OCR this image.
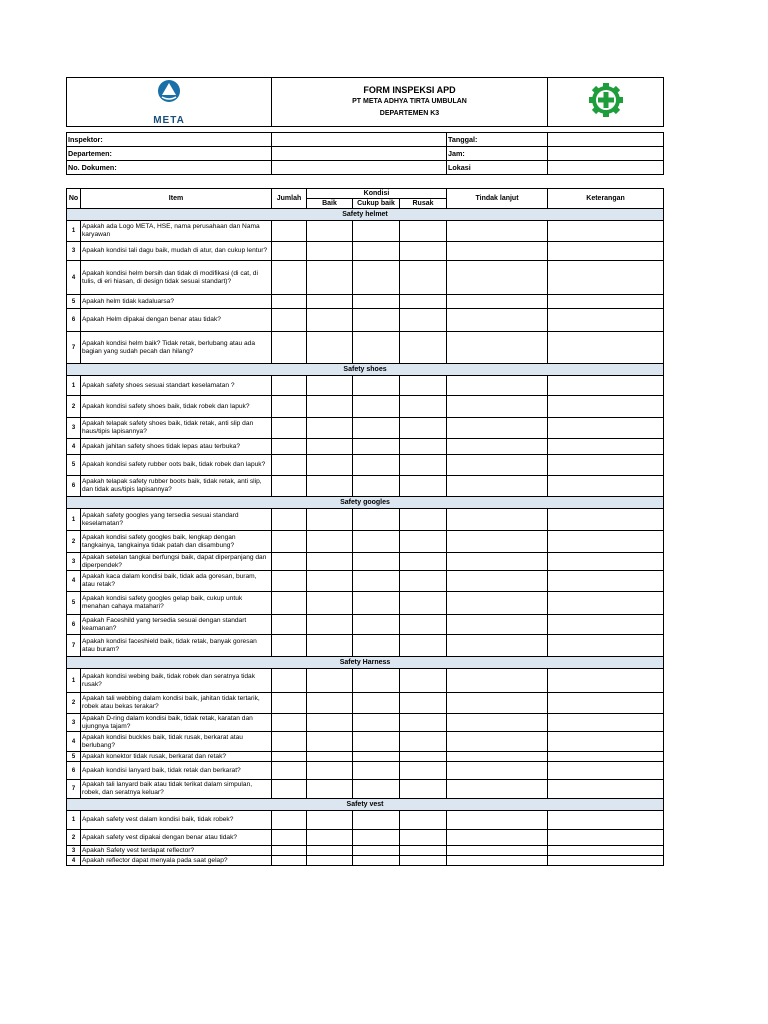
META

FORM INSPEKSI APD
PT META ADHYA TIRTA UMBULAN
DEPARTEMEN K3

Inspektor:		Tanggal:	
Departemen:		Jam:	
No. Dokumen:		Lokasi	
No	Item	Jumlah	Kondisi			Tindak lanjut	Keterangan
			Baik	Cukup baik	Rusak		
Safety helmet							
1	Apakah ada Logo META, HSE, nama perusahaan dan Nama karyawan						
3	Apakah kondisi tali dagu baik, mudah di atur, dan cukup lentur?						
4	Apakah kondisi helm bersih dan tidak di modifikasi (di cat, di tulis, di eri hiasan, di design tidak sesuai standart)?						
5	Apakah helm tidak kadaluarsa?						
6	Apakah Helm dipakai dengan benar atau tidak?						
7	Apakah kondisi helm baik? Tidak retak, berlubang atau ada bagian yang sudah pecah dan hilang?						
Safety shoes							
1	Apakah safety shoes sesuai standart keselamatan ?						
2	Apakah kondisi safety shoes baik, tidak robek dan lapuk?						
3	Apakah telapak safety shoes baik, tidak retak, anti slip dan haus/tipis lapisannya?						
4	Apakah jahitan safety shoes tidak lepas atau terbuka?						
5	Apakah kondisi safety rubber oots baik, tidak robek dan lapuk?						
6	Apakah telapak safety rubber boots baik, tidak retak, anti slip, dan tidak aus/tipis lapisannya?						
Safety googles							
1	Apakah safety googles yang tersedia sesuai standard keselamatan?						
2	Apakah kondisi safety googles baik, lengkap dengan tangkainya, tangkainya tidak patah dan disambung?						
3	Apakah setelan tangkai berfungsi baik, dapat diperpanjang dan diperpendek?						
4	Apakah kaca dalam kondisi baik, tidak ada goresan, buram, atau retak?						
5	Apakah kondisi safety googles gelap baik, cukup untuk menahan cahaya matahari?						
6	Apakah Faceshild yang tersedia sesuai dengan standart keamanan?						
7	Apakah kondisi faceshield baik, tidak retak, banyak goresan atau buram?						
Safety Harness							
1	Apakah kondisi webing baik, tidak robek dan seratnya tidak rusak?						
2	Apakah tali webbing dalam kondisi baik, jahitan tidak tertarik, robek atau bekas terakar?						
3	Apakah D-ring dalam kondisi baik, tidak retak, karatan dan ujungnya tajam?						
4	Apakah kondisi buckles baik, tidak rusak, berkarat atau berlubang?						
5	Apakah konektor tidak rusak, berkarat dan retak?						
6	Apakah kondisi lanyard baik, tidak retak dan berkarat?						
7	Apakah tali lanyard baik atau tidak terikat dalam simpulan, robek, dan seratnya keluar?						
Safety vest							
1	Apakah safety vest dalam kondisi baik, tidak robek?						
2	Apakah safety vest dipakai dengan benar atau tidak?						
3	Apakah Safety vest terdapat reflector?						
4	Apakah reflector dapat menyala pada saat gelap?						
